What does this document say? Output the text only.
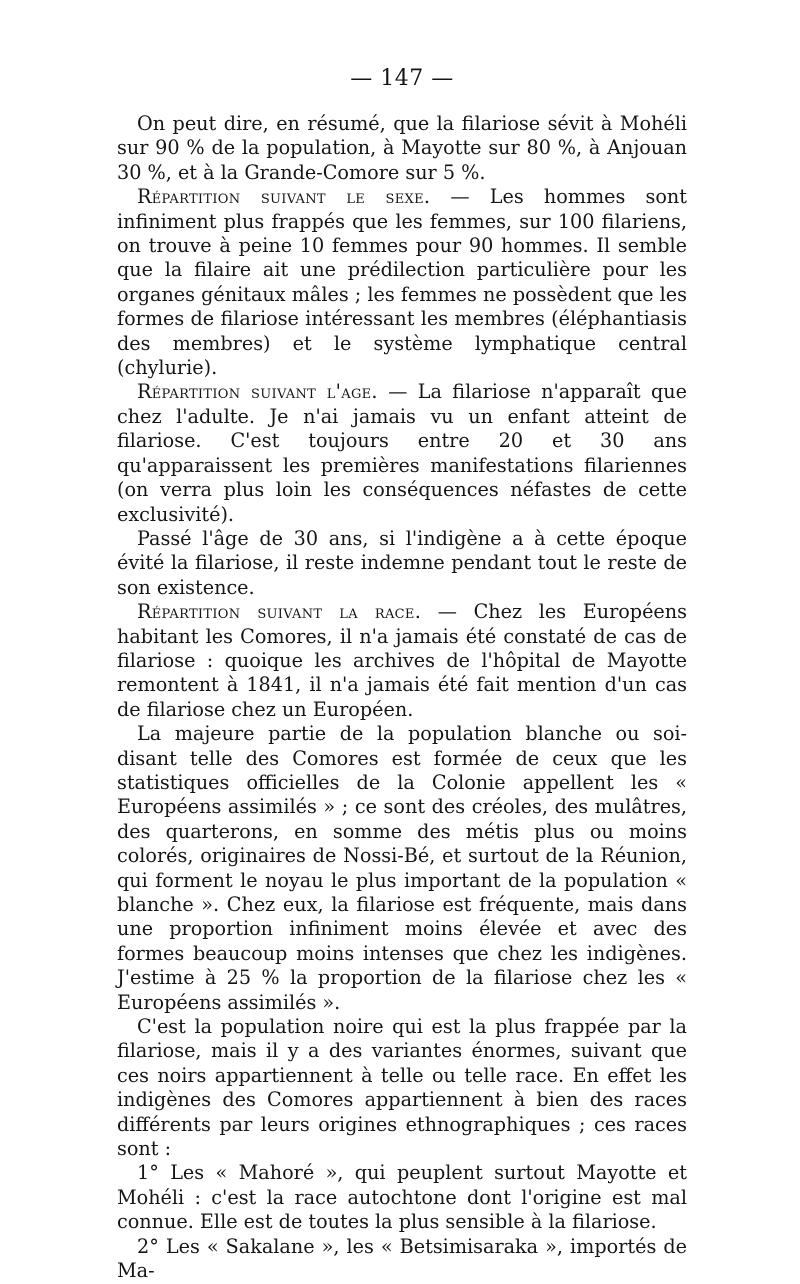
— 147 —

On peut dire, en résumé, que la filariose sévit à Mohéli sur 90 % de la population, à Mayotte sur 80 %, à Anjouan 30 %, et à la Grande-Comore sur 5 %.

Répartition suivant le sexe. — Les hommes sont infiniment plus frappés que les femmes, sur 100 filariens, on trouve à peine 10 femmes pour 90 hommes. Il semble que la filaire ait une prédilection particulière pour les organes génitaux mâles ; les femmes ne possèdent que les formes de filariose intéressant les membres (éléphantiasis des membres) et le système lymphatique central (chylurie).

Répartition suivant l'age. — La filariose n'apparaît que chez l'adulte. Je n'ai jamais vu un enfant atteint de filariose. C'est toujours entre 20 et 30 ans qu'apparaissent les premières manifestations filariennes (on verra plus loin les conséquences néfastes de cette exclusivité).

Passé l'âge de 30 ans, si l'indigène a à cette époque évité la filariose, il reste indemne pendant tout le reste de son existence.

Répartition suivant la race. — Chez les Européens habitant les Comores, il n'a jamais été constaté de cas de filariose : quoique les archives de l'hôpital de Mayotte remontent à 1841, il n'a jamais été fait mention d'un cas de filariose chez un Européen.

La majeure partie de la population blanche ou soi-disant telle des Comores est formée de ceux que les statistiques officielles de la Colonie appellent les « Européens assimilés » ; ce sont des créoles, des mulâtres, des quarterons, en somme des métis plus ou moins colorés, originaires de Nossi-Bé, et surtout de la Réunion, qui forment le noyau le plus important de la population « blanche ». Chez eux, la filariose est fréquente, mais dans une proportion infiniment moins élevée et avec des formes beaucoup moins intenses que chez les indigènes. J'estime à 25 % la proportion de la filariose chez les « Européens assimilés ».

C'est la population noire qui est la plus frappée par la filariose, mais il y a des variantes énormes, suivant que ces noirs appartiennent à telle ou telle race. En effet les indigènes des Comores appartiennent à bien des races différents par leurs origines ethnographiques ; ces races sont :

1° Les « Mahoré », qui peuplent surtout Mayotte et Mohéli : c'est la race autochtone dont l'origine est mal connue. Elle est de toutes la plus sensible à la filariose.

2° Les « Sakalane », les « Betsimisaraka », importés de Ma-
